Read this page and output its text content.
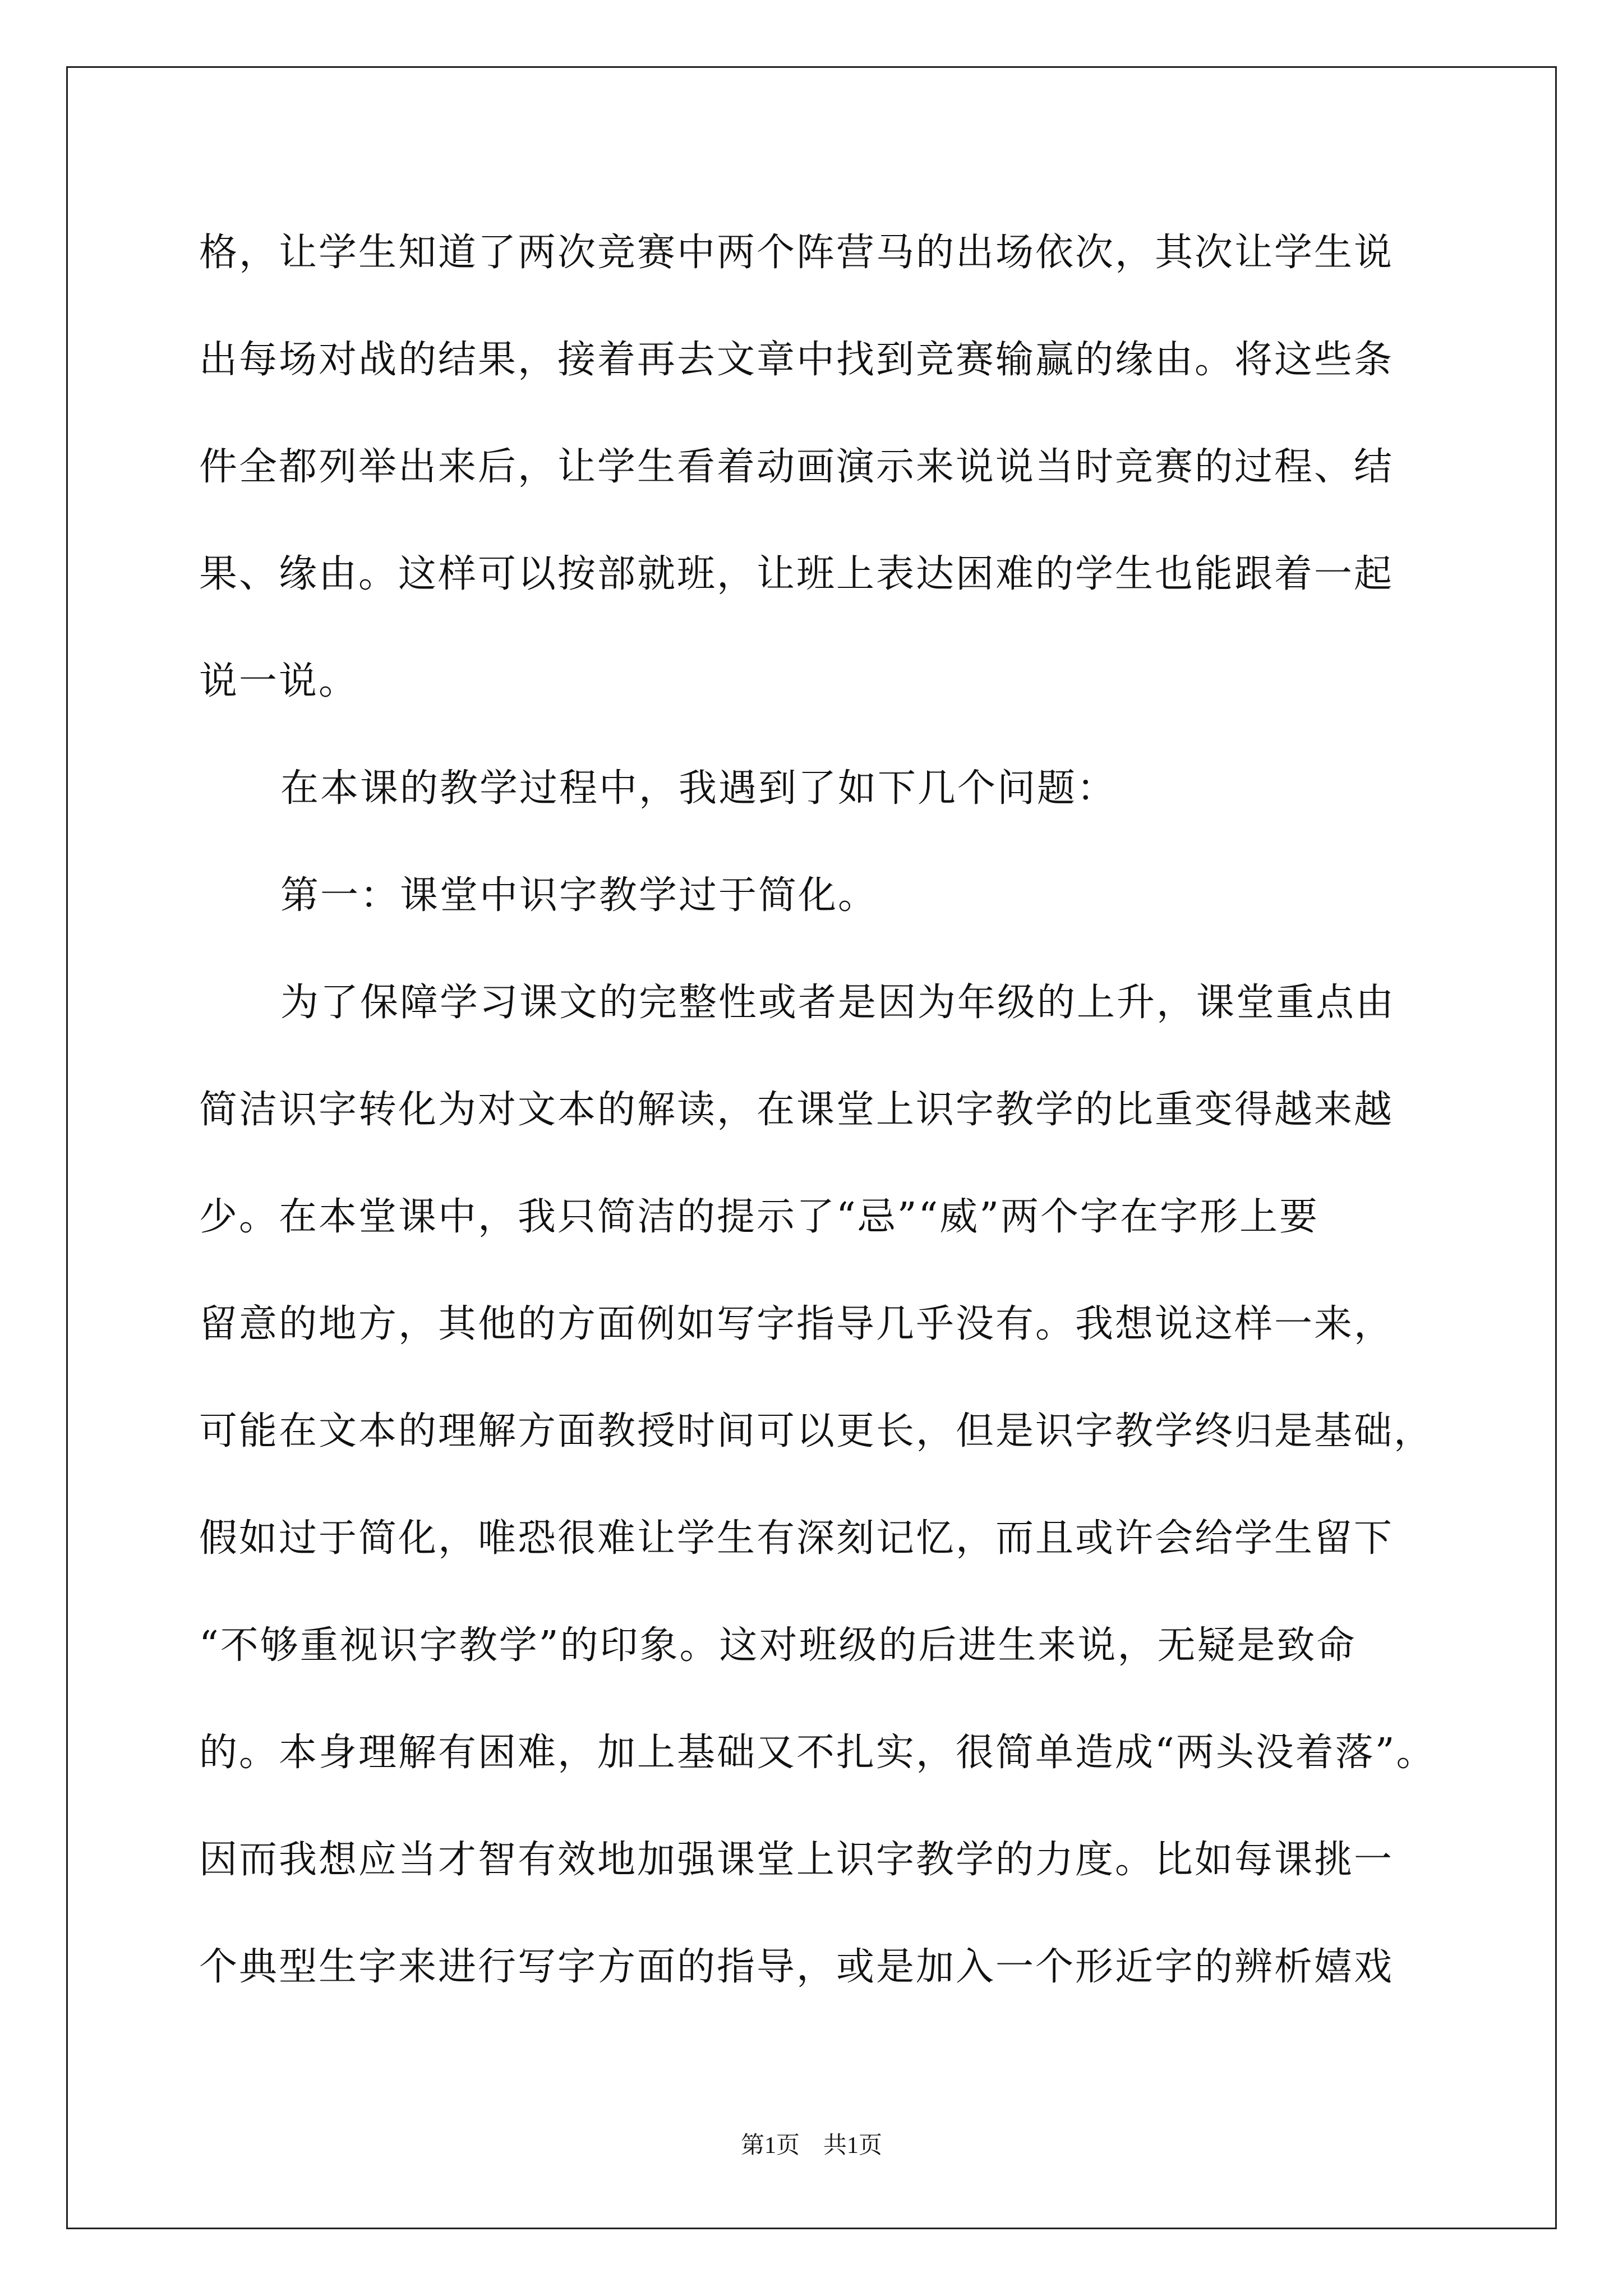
格，让学生知道了两次竞赛中两个阵营马的出场依次，其次让学生说
出每场对战的结果，接着再去文章中找到竞赛输赢的缘由。将这些条
件全都列举出来后，让学生看着动画演示来说说当时竞赛的过程、结
果、缘由。这样可以按部就班，让班上表达困难的学生也能跟着一起
说一说。
在本课的教学过程中，我遇到了如下几个问题：
第一：课堂中识字教学过于简化。
为了保障学习课文的完整性或者是因为年级的上升，课堂重点由
简洁识字转化为对文本的解读，在课堂上识字教学的比重变得越来越
少。在本堂课中，我只简洁的提示了“忌”“威”两个字在字形上要
留意的地方，其他的方面例如写字指导几乎没有。我想说这样一来，
可能在文本的理解方面教授时间可以更长，但是识字教学终归是基础，
假如过于简化，唯恐很难让学生有深刻记忆，而且或许会给学生留下
“不够重视识字教学”的印象。这对班级的后进生来说，无疑是致命
的。本身理解有困难，加上基础又不扎实，很简单造成“两头没着落”。
因而我想应当才智有效地加强课堂上识字教学的力度。比如每课挑一
个典型生字来进行写字方面的指导，或是加入一个形近字的辨析嬉戏
第1页　共1页
